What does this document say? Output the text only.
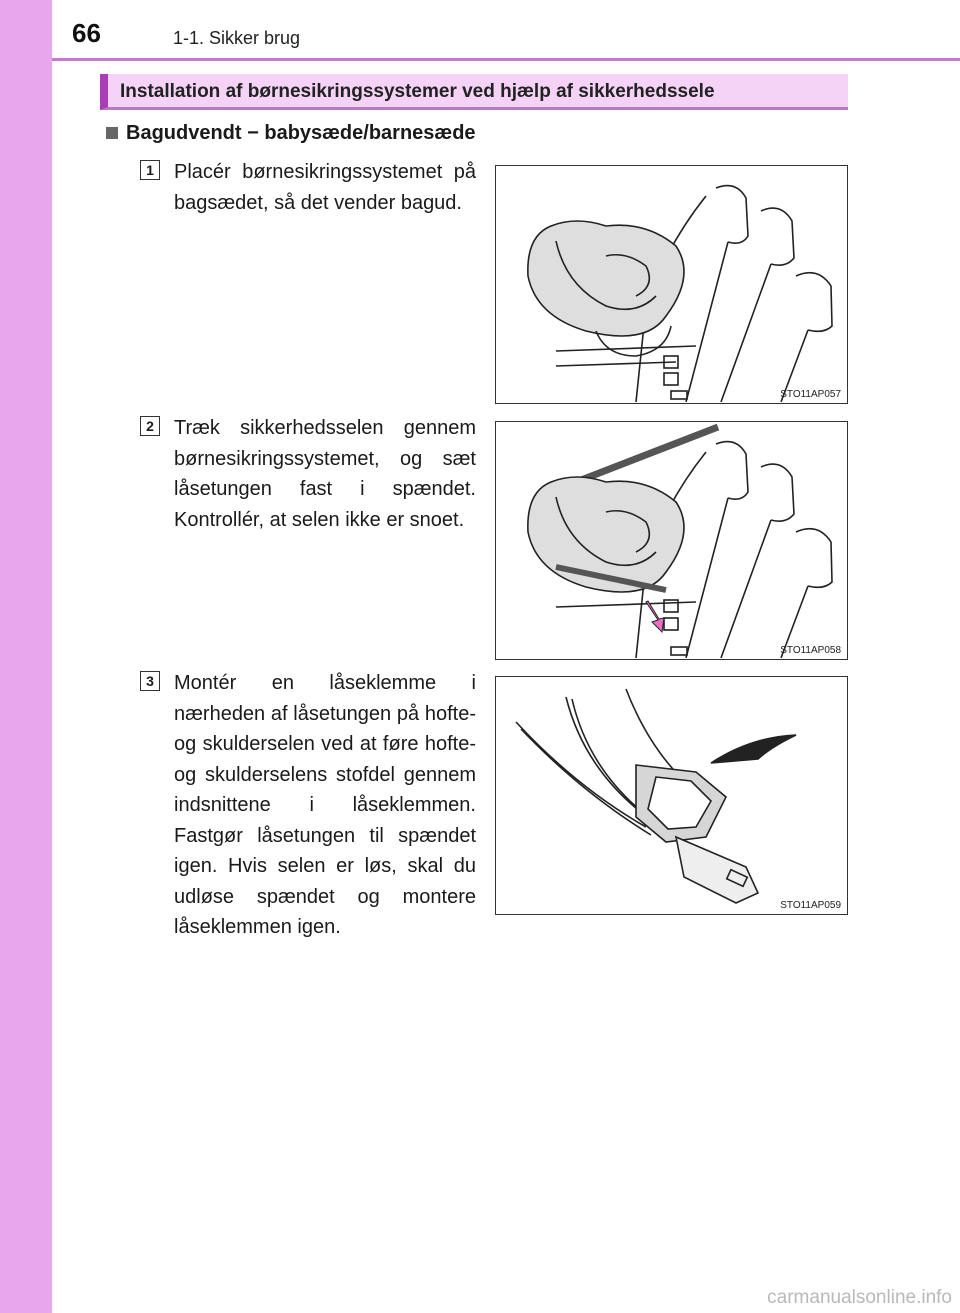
66	1-1. Sikker brug
Installation af børnesikringssystemer ved hjælp af sikkerhedssele
Bagudvendt − babysæde/barnesæde
1	Placér børnesikringssystemet på bagsædet, så det vender bagud.

STO11AP057
2	Træk sikkerhedsselen gennem børnesikringssystemet, og sæt låsetungen fast i spændet. Kontrollér, at selen ikke er snoet.

STO11AP058
3	Montér en låseklemme i nærheden af låsetungen på hofte- og skulderselen ved at føre hofte- og skulderselens stofdel gennem indsnittene i låseklemmen. Fastgør låsetungen til spændet igen. Hvis selen er løs, skal du udløse spændet og montere låseklemmen igen.

STO11AP059
carmanualsonline.info
